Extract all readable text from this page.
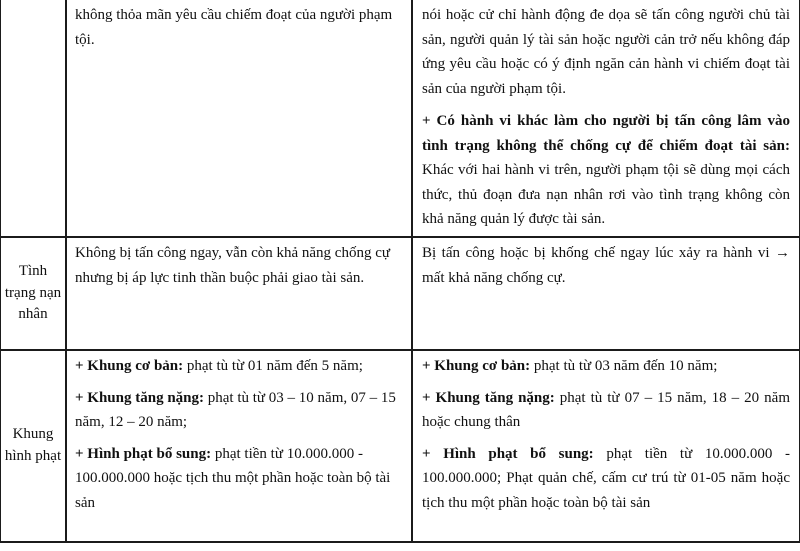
không thỏa mãn yêu cầu chiếm đoạt của người phạm tội.

nói hoặc cử chỉ hành động đe dọa sẽ tấn công người chủ tài sản, người quản lý tài sản hoặc người cản trở nếu không đáp ứng yêu cầu hoặc có ý định ngăn cản hành vi chiếm đoạt tài sản của người phạm tội.

+ Có hành vi khác làm cho người bị tấn công lâm vào tình trạng không thể chống cự để chiếm đoạt tài sản: Khác với hai hành vi trên, người phạm tội sẽ dùng mọi cách thức, thủ đoạn đưa nạn nhân rơi vào tình trạng không còn khả năng quản lý được tài sản.

Tình trạng nạn nhân

Không bị tấn công ngay, vẫn còn khả năng chống cự nhưng bị áp lực tinh thần buộc phải giao tài sản.

Bị tấn công hoặc bị khống chế ngay lúc xảy ra hành vi → mất khả năng chống cự.

Khung hình phạt

+ Khung cơ bản: phạt tù từ 01 năm đến 5 năm;

+ Khung tăng nặng: phạt tù từ 03 – 10 năm, 07 – 15 năm, 12 – 20 năm;

+ Hình phạt bổ sung: phạt tiền từ 10.000.000 - 100.000.000 hoặc tịch thu một phần hoặc toàn bộ tài sản

+ Khung cơ bản: phạt tù từ 03 năm đến 10 năm;

+ Khung tăng nặng: phạt tù từ 07 – 15 năm, 18 – 20 năm hoặc chung thân

+ Hình phạt bổ sung: phạt tiền từ 10.000.000 - 100.000.000; Phạt quản chế, cấm cư trú từ 01-05 năm hoặc tịch thu một phần hoặc toàn bộ tài sản
